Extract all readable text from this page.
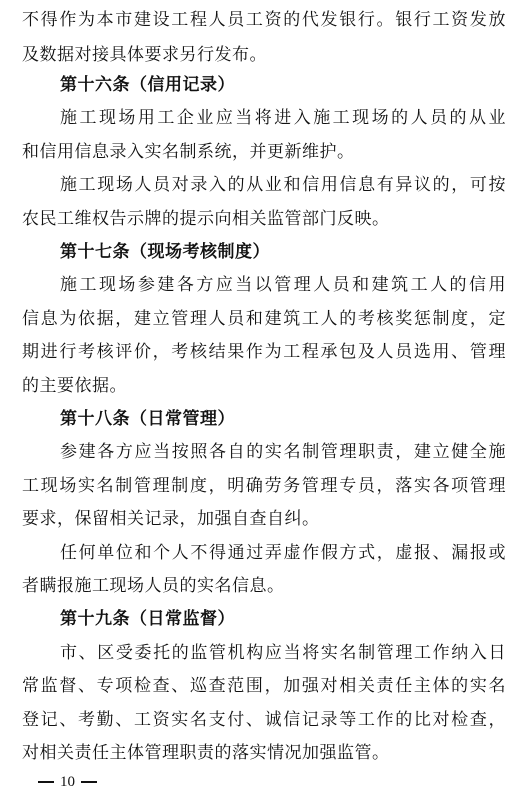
不得作为本市建设工程人员工资的代发银行。银行工资发放
及数据对接具体要求另行发布。
第十六条（信用记录）
施工现场用工企业应当将进入施工现场的人员的从业
和信用信息录入实名制系统，并更新维护。
施工现场人员对录入的从业和信用信息有异议的，可按
农民工维权告示牌的提示向相关监管部门反映。
第十七条（现场考核制度）
施工现场参建各方应当以管理人员和建筑工人的信用
信息为依据，建立管理人员和建筑工人的考核奖惩制度，定
期进行考核评价，考核结果作为工程承包及人员选用、管理
的主要依据。
第十八条（日常管理）
参建各方应当按照各自的实名制管理职责，建立健全施
工现场实名制管理制度，明确劳务管理专员，落实各项管理
要求，保留相关记录，加强自查自纠。
任何单位和个人不得通过弄虚作假方式，虚报、漏报或
者瞒报施工现场人员的实名信息。
第十九条（日常监督）
市、区受委托的监管机构应当将实名制管理工作纳入日
常监督、专项检查、巡查范围，加强对相关责任主体的实名
登记、考勤、工资实名支付、诚信记录等工作的比对检查，
对相关责任主体管理职责的落实情况加强监管。
10
